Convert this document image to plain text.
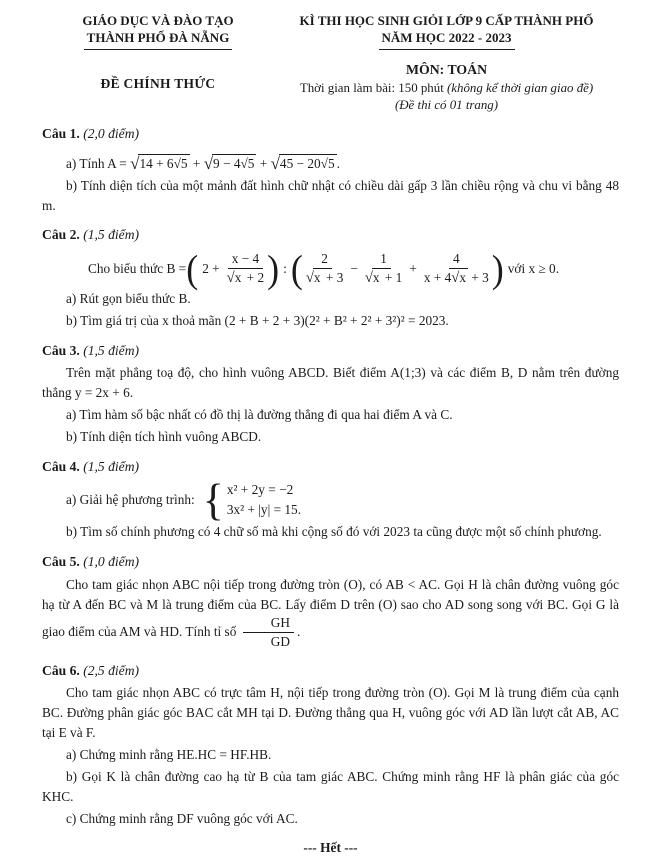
GIÁO DỤC VÀ ĐÀO TẠO
THÀNH PHỐ ĐÀ NẴNG
ĐỀ CHÍNH THỨC
KÌ THI HỌC SINH GIỎI LỚP 9 CẤP THÀNH PHỐ
NĂM HỌC 2022 - 2023
MÔN: TOÁN
Thời gian làm bài: 150 phút (không kể thời gian giao đề)
(Đề thi có 01 trang)

Câu 1. (2,0 điểm)

a) Tính A = √14 + 6√5 + √9 − 4√5 + √45 − 20√5 .

b) Tính diện tích của một mảnh đất hình chữ nhật có chiều dài gấp 3 lần chiều rộng và chu vi bằng 48 m.

Câu 2. (1,5 điểm)

Cho biểu thức B = ( $2 + \frac{x - 4}{√x + 2}$ ) : (	2
√x + 3
− $\frac{1}{√x + 1} + \frac{4}{x + 4√x + 3}$ ) với x ≥ 0.

a) Rút gọn biểu thức B.

b) Tìm giá trị của x thoả mãn (2 + B + 2 + 3)(2² + B² + 2² + 3²)² = 2023.

Câu 3. (1,5 điểm)

Trên mặt phẳng toạ độ, cho hình vuông ABCD. Biết điểm A(1;3) và các điểm B, D nằm trên đường thẳng y = 2x + 6.

a) Tìm hàm số bậc nhất có đồ thị là đường thẳng đi qua hai điểm A và C.

b) Tính diện tích hình vuông ABCD.

Câu 4. (1,5 điểm)

a) Giải hệ phương trình: { x² + 2y = −2
3x² + |y| = 15.

b) Tìm số chính phương có 4 chữ số mà khi cộng số đó với 2023 ta cũng được một số chính phương.

Câu 5. (1,0 điểm)

Cho tam giác nhọn ABC nội tiếp trong đường tròn (O), có AB < AC. Gọi H là chân đường vuông góc hạ từ A đến BC và M là trung điểm của BC. Lấy điểm D trên (O) sao cho AD song song với BC. Gọi G là giao điểm của AM và HD. Tính tỉ số $\frac{GH}{GD}$ .

Câu 6. (2,5 điểm)

Cho tam giác nhọn ABC có trực tâm H, nội tiếp trong đường tròn (O). Gọi M là trung điểm của cạnh BC. Đường phân giác góc BAC cắt MH tại D. Đường thẳng qua H, vuông góc với AD lần lượt cắt AB, AC tại E và F.

a) Chứng minh rằng HE.HC = HF.HB.

b) Gọi K là chân đường cao hạ từ B của tam giác ABC. Chứng minh rằng HF là phân giác của góc KHC.

c) Chứng minh rằng DF vuông góc với AC.

--- Hết ---
